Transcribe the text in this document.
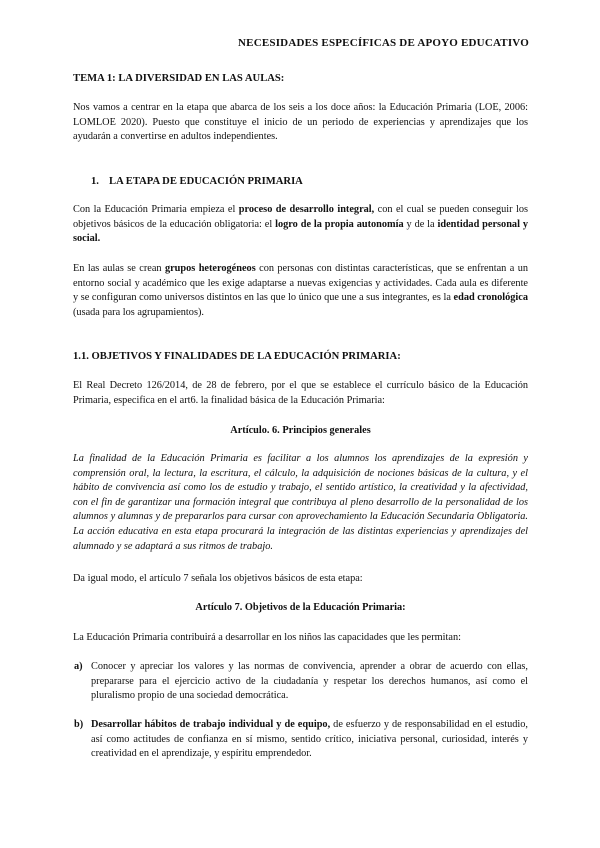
NECESIDADES ESPECÍFICAS DE APOYO EDUCATIVO
TEMA 1: LA DIVERSIDAD EN LAS AULAS:
Nos vamos a centrar en la etapa que abarca de los seis a los doce años: la Educación Primaria (LOE, 2006: LOMLOE 2020). Puesto que constituye el inicio de un periodo de experiencias y aprendizajes que los ayudarán a convertirse en adultos independientes.
1. LA ETAPA DE EDUCACIÓN PRIMARIA
Con la Educación Primaria empieza el proceso de desarrollo integral, con el cual se pueden conseguir los objetivos básicos de la educación obligatoria: el logro de la propia autonomía y de la identidad personal y social.
En las aulas se crean grupos heterogéneos con personas con distintas características, que se enfrentan a un entorno social y académico que les exige adaptarse a nuevas exigencias y actividades. Cada aula es diferente y se configuran como universos distintos en las que lo único que une a sus integrantes, es la edad cronológica (usada para los agrupamientos).
1.1. OBJETIVOS Y FINALIDADES DE LA EDUCACIÓN PRIMARIA:
El Real Decreto 126/2014, de 28 de febrero, por el que se establece el currículo básico de la Educación Primaria, especifica en el art6. la finalidad básica de la Educación Primaria:
Artículo. 6. Principios generales
La finalidad de la Educación Primaria es facilitar a los alumnos los aprendizajes de la expresión y comprensión oral, la lectura, la escritura, el cálculo, la adquisición de nociones básicas de la cultura, y el hábito de convivencia así como los de estudio y trabajo, el sentido artístico, la creatividad y la afectividad, con el fin de garantizar una formación integral que contribuya al pleno desarrollo de la personalidad de los alumnos y alumnas y de prepararlos para cursar con aprovechamiento la Educación Secundaria Obligatoria. La acción educativa en esta etapa procurará la integración de las distintas experiencias y aprendizajes del alumnado y se adaptará a sus ritmos de trabajo.
Da igual modo, el artículo 7 señala los objetivos básicos de esta etapa:
Artículo 7. Objetivos de la Educación Primaria:
La Educación Primaria contribuirá a desarrollar en los niños las capacidades que les permitan:
a) Conocer y apreciar los valores y las normas de convivencia, aprender a obrar de acuerdo con ellas, prepararse para el ejercicio activo de la ciudadanía y respetar los derechos humanos, así como el pluralismo propio de una sociedad democrática.
b) Desarrollar hábitos de trabajo individual y de equipo, de esfuerzo y de responsabilidad en el estudio, así como actitudes de confianza en sí mismo, sentido crítico, iniciativa personal, curiosidad, interés y creatividad en el aprendizaje, y espíritu emprendedor.
